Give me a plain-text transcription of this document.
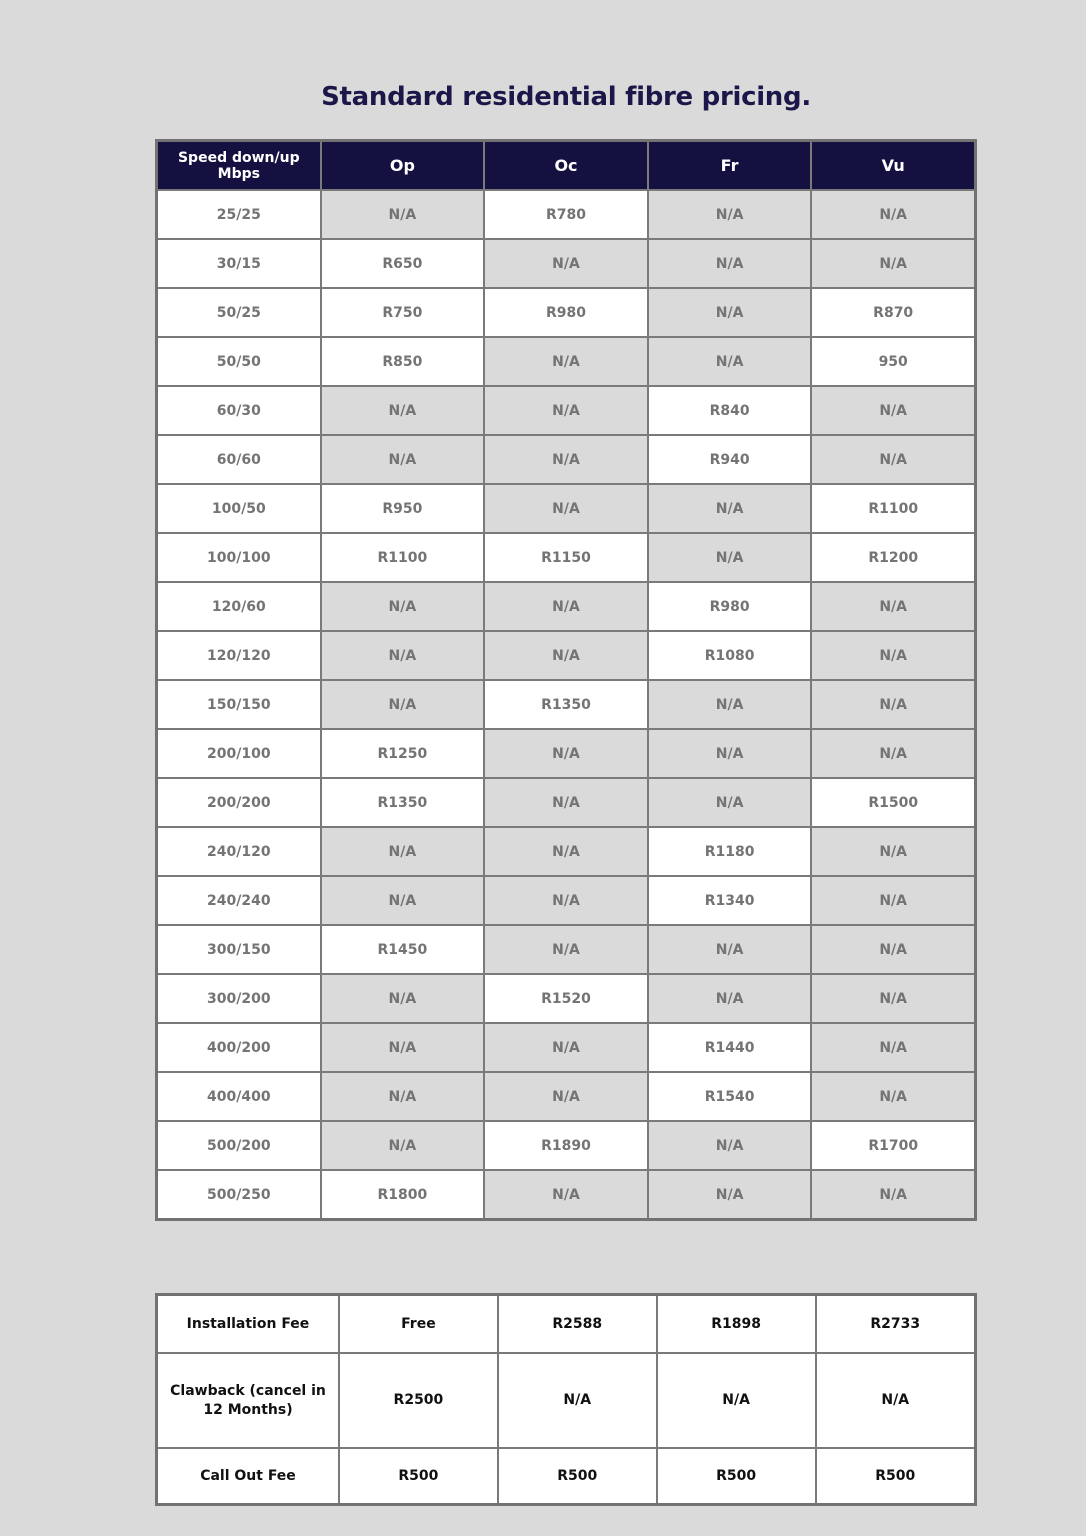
Standard residential fibre pricing.
Speed down/up Mbps	Op	Oc	Fr	Vu
25/25	N/A	R780	N/A	N/A
30/15	R650	N/A	N/A	N/A
50/25	R750	R980	N/A	R870
50/50	R850	N/A	N/A	950
60/30	N/A	N/A	R840	N/A
60/60	N/A	N/A	R940	N/A
100/50	R950	N/A	N/A	R1100
100/100	R1100	R1150	N/A	R1200
120/60	N/A	N/A	R980	N/A
120/120	N/A	N/A	R1080	N/A
150/150	N/A	R1350	N/A	N/A
200/100	R1250	N/A	N/A	N/A
200/200	R1350	N/A	N/A	R1500
240/120	N/A	N/A	R1180	N/A
240/240	N/A	N/A	R1340	N/A
300/150	R1450	N/A	N/A	N/A
300/200	N/A	R1520	N/A	N/A
400/200	N/A	N/A	R1440	N/A
400/400	N/A	N/A	R1540	N/A
500/200	N/A	R1890	N/A	R1700
500/250	R1800	N/A	N/A	N/A
Installation Fee	Free	R2588	R1898	R2733
Clawback (cancel in 12 Months)	R2500	N/A	N/A	N/A
Call Out Fee	R500	R500	R500	R500
